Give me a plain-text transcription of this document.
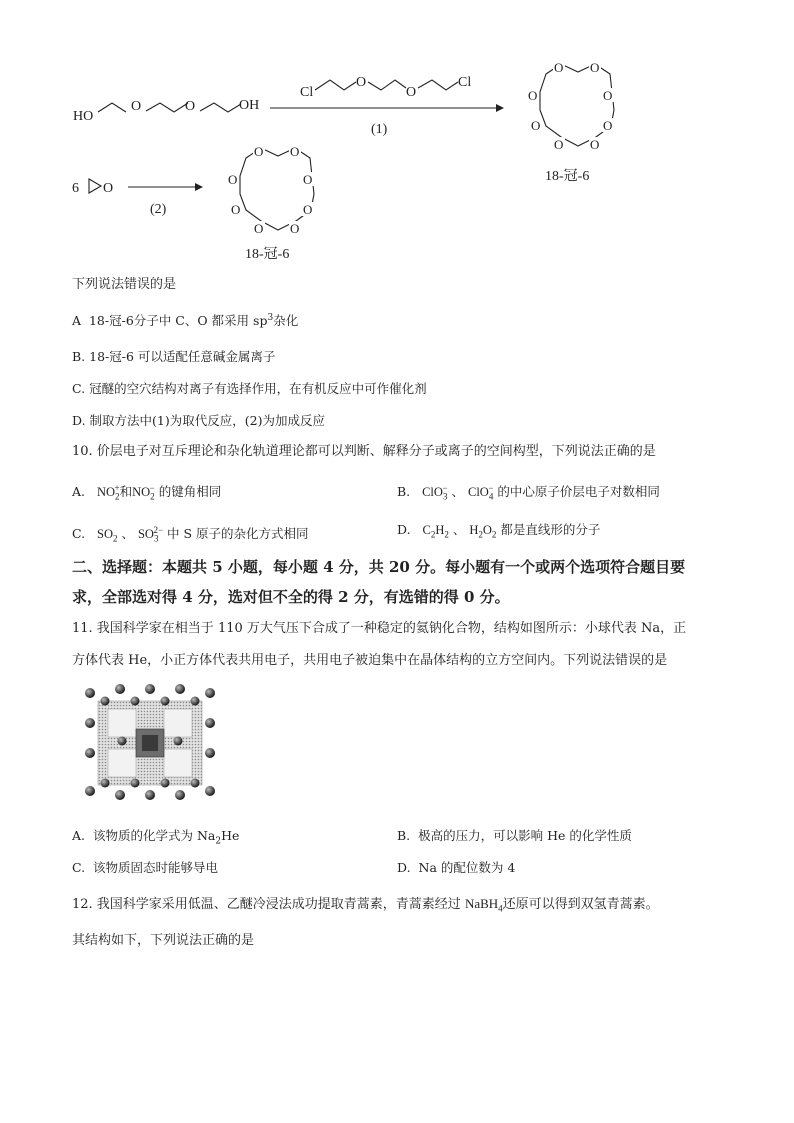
HO
O	O	OH
Cl
O
O
Cl
(1)
O O
O	O
O	O
O O
18-冠-6
6 O
(2)
O O
O	O
O	O
O O
18-冠-6
下列说法错误的是
A 18-冠-6分子中 C、O 都采用 $sp^3$杂化
B. 18-冠-6 可以适配任意碱金属离子
C. 冠醚的空穴结构对离子有选择作用，在有机反应中可作催化剂
D. 制取方法中(1)为取代反应，(2)为加成反应
10. 价层电子对互斥理论和杂化轨道理论都可以判断、解释分子或离子的空间构型，下列说法正确的是
A. $NO_2^+$和$NO_2^-$ 的键角相同	B. ClO$_3$− 、 ClO$_4$− 的中心原子价层电子对数相同
C. $SO_2$ 、 $SO_3^{2-}$ 中 S 原子的杂化方式相同	D. $C_2H_2$ 、 $H_2O_2$ 都是直线形的分子
二、选择题：本题共 5 小题，每小题 4 分，共 20 分。每小题有一个或两个选项符合题目要
求，全部选对得 4 分，选对但不全的得 2 分，有选错的得 0 分。
11. 我国科学家在相当于 110 万大气压下合成了一种稳定的氦钠化合物，结构如图所示：小球代表 Na，正
方体代表 He，小正方体代表共用电子，共用电子被迫集中在晶体结构的立方空间内。下列说法错误的是
A. 该物质的化学式为 $Na_2He$	B. 极高的压力，可以影响 He 的化学性质
C. 该物质固态时能够导电	D. Na 的配位数为 4
12. 我国科学家采用低温、乙醚冷浸法成功提取青蒿素，青蒿素经过 NaBH$_4$还原可以得到双氢青蒿素。
其结构如下，下列说法正确的是
